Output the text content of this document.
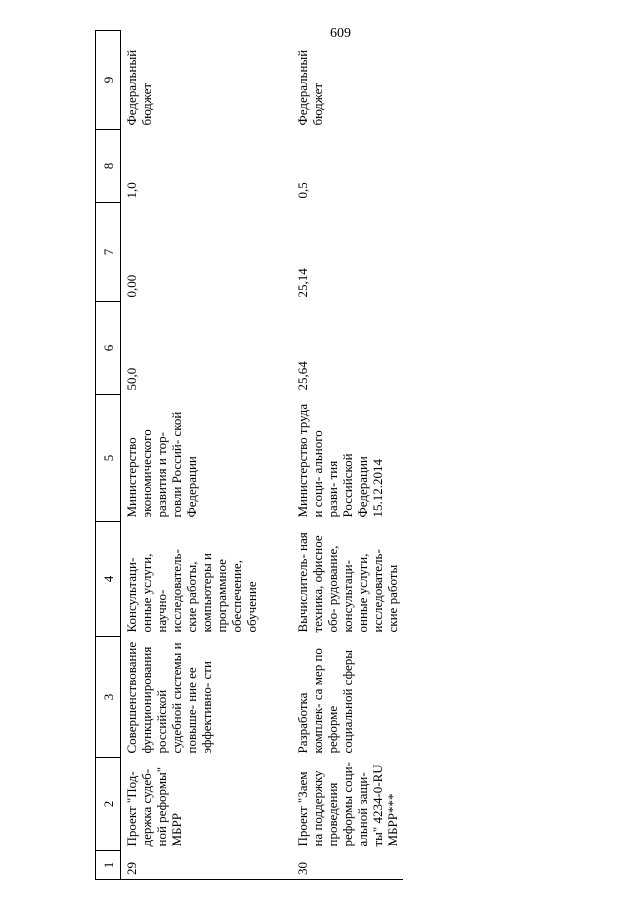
609
1	2	3	4	5	6	7	8	9
29	Проект "Под- держка судеб- ной реформы" МБРР	Совершенствование функционирования российской судебной системы и повыше- ние ее эффективно- сти	Консультаци- онные услуги, научно- исследователь- ские работы, компьютеры и программное обеспечение, обучение	Министерство экономического развития и тор- говли Россий- ской Федерации	50,0	0,00	1,0	Федеральный бюджет
30	Проект "Заем на поддержку проведения реформы соци- альной защи- ты" 4234-0-RU МБРР***	Разработка комплек- са мер по реформе социальной сферы	Вычислитель- ная техника, офисное обо- рудование, консультаци- онные услуги, исследователь- ские работы	Министерство труда и соци- ального разви- тия Российской Федерации 15.12.2014	25,64	25,14	0,5	Федеральный бюджет
